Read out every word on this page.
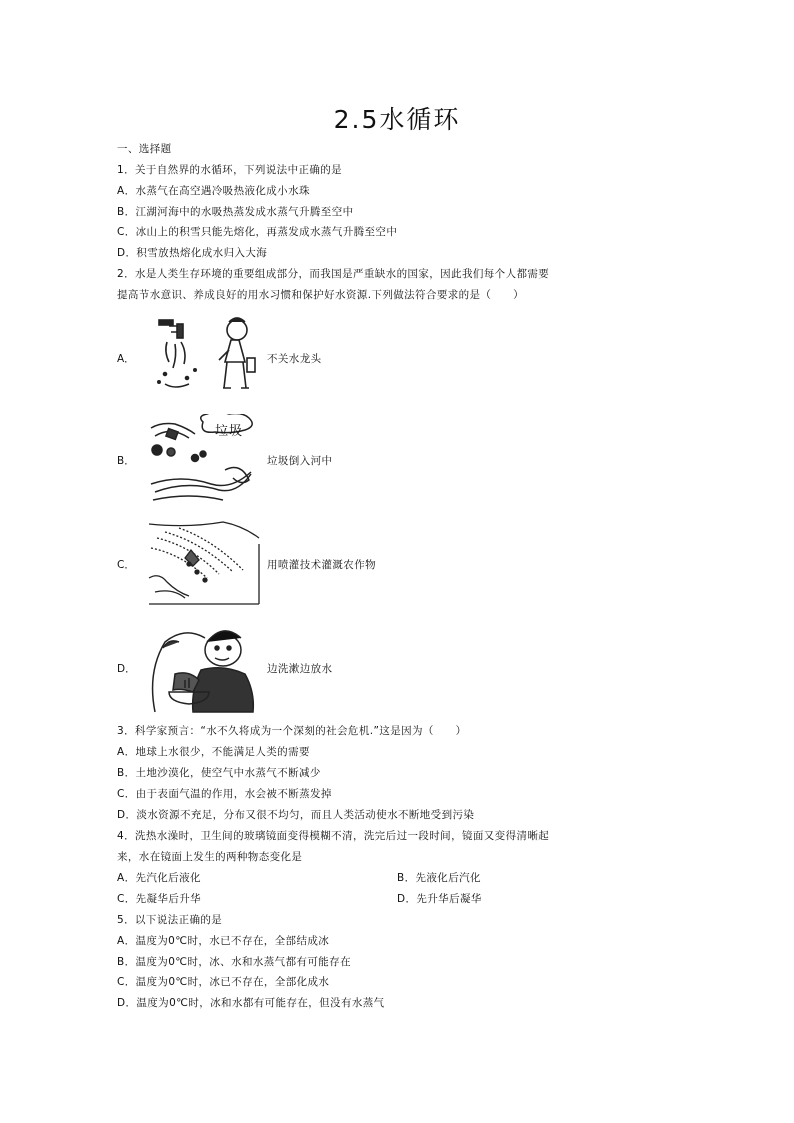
2.5水循环
一、选择题
1．关于自然界的水循环，下列说法中正确的是
A．水蒸气在高空遇冷吸热液化成小水珠
B．江湖河海中的水吸热蒸发成水蒸气升腾至空中
C．冰山上的积雪只能先熔化，再蒸发成水蒸气升腾至空中
D．积雪放热熔化成水归入大海
2．水是人类生存环境的重要组成部分，而我国是严重缺水的国家，因此我们每个人都需要
提高节水意识、养成良好的用水习惯和保护好水资源.下列做法符合要求的是（　　）
A．	不关水龙头
B．
垃圾
垃圾倒入河中
C．	用喷灌技术灌溉农作物
D．	边洗漱边放水
3．科学家预言：“水不久将成为一个深刻的社会危机.”这是因为（　　）
A．地球上水很少，不能满足人类的需要
B．土地沙漠化，使空气中水蒸气不断减少
C．由于表面气温的作用，水会被不断蒸发掉
D．淡水资源不充足，分布又很不均匀，而且人类活动使水不断地受到污染
4．洗热水澡时，卫生间的玻璃镜面变得模糊不清，洗完后过一段时间，镜面又变得清晰起
来，水在镜面上发生的两种物态变化是
A．先汽化后液化	B．先液化后汽化
C．先凝华后升华	D．先升华后凝华
5．以下说法正确的是
A．温度为0℃时，水已不存在，全部结成冰
B．温度为0℃时，冰、水和水蒸气都有可能存在
C．温度为0℃时，冰已不存在，全部化成水
D．温度为0℃时，冰和水都有可能存在，但没有水蒸气
